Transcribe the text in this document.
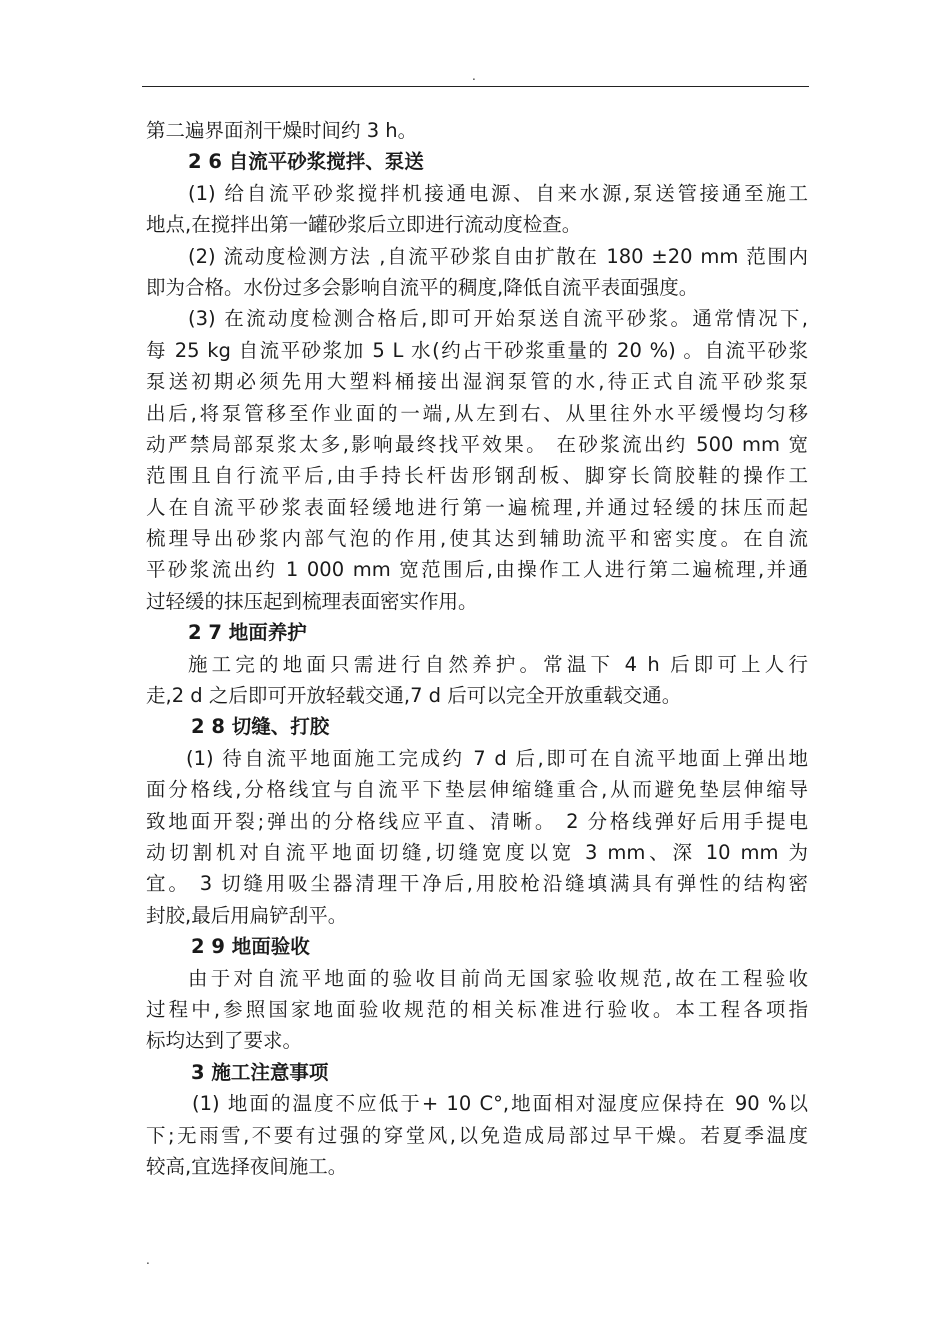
.
第二遍界面剂干燥时间约 3 h。
2 6 自流平砂浆搅拌、泵送
(1) 给自流平砂浆搅拌机接通电源、自来水源,泵送管接通至施工
地点,在搅拌出第一罐砂浆后立即进行流动度检查。
(2) 流动度检测方法 ,自流平砂浆自由扩散在 180 ±20 mm 范围内
即为合格。水份过多会影响自流平的稠度,降低自流平表面强度。
(3) 在流动度检测合格后,即可开始泵送自流平砂浆。通常情况下,
每 25 kg 自流平砂浆加 5 L 水(约占干砂浆重量的 20 %) 。自流平砂浆
泵送初期必须先用大塑料桶接出湿润泵管的水,待正式自流平砂浆泵
出后,将泵管移至作业面的一端,从左到右、从里往外水平缓慢均匀移
动严禁局部泵浆太多,影响最终找平效果。 在砂浆流出约 500 mm 宽
范围且自行流平后,由手持长杆齿形钢刮板、脚穿长筒胶鞋的操作工
人在自流平砂浆表面轻缓地进行第一遍梳理,并通过轻缓的抹压而起
梳理导出砂浆内部气泡的作用,使其达到辅助流平和密实度。在自流
平砂浆流出约 1 000 mm 宽范围后,由操作工人进行第二遍梳理,并通
过轻缓的抹压起到梳理表面密实作用。
2 7 地面养护
施工完的地面只需进行自然养护。常温下 4 h 后即可上人行
走,2 d 之后即可开放轻载交通,7 d 后可以完全开放重载交通。
2 8 切缝、打胶
(1) 待自流平地面施工完成约 7 d 后,即可在自流平地面上弹出地
面分格线,分格线宜与自流平下垫层伸缩缝重合,从而避免垫层伸缩导
致地面开裂;弹出的分格线应平直、清晰。 2 分格线弹好后用手提电
动切割机对自流平地面切缝,切缝宽度以宽 3 mm、深 10 mm 为
宜。 3 切缝用吸尘器清理干净后,用胶枪沿缝填满具有弹性的结构密
封胶,最后用扁铲刮平。
2 9 地面验收
由于对自流平地面的验收目前尚无国家验收规范,故在工程验收
过程中,参照国家地面验收规范的相关标准进行验收。本工程各项指
标均达到了要求。
3 施工注意事项
(1) 地面的温度不应低于+ 10 C°,地面相对湿度应保持在 90 %以
下;无雨雪,不要有过强的穿堂风,以免造成局部过早干燥。若夏季温度
较高,宜选择夜间施工。
.
